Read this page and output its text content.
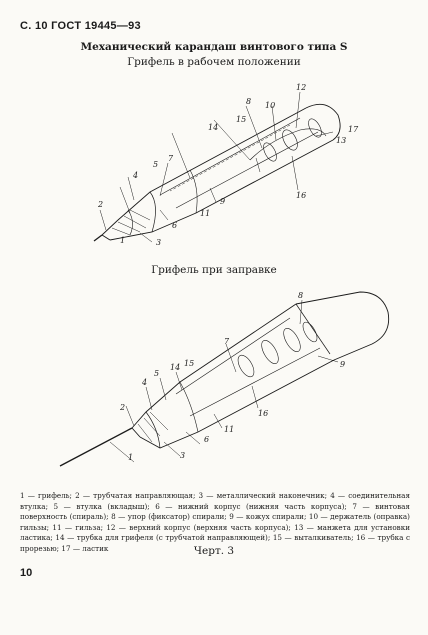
С. 10 ГОСТ 19445—93
Механический карандаш винтового типа S
Грифель в рабочем положении
2
1	3
4
5
6
7
8
9
10
11
12
13
14
15
16
17
Грифель при заправке
2
1	3
4
5
6
7
8
9
11
14 15
16
1 — грифель; 2 — трубчатая направляющая; 3 — металлический наконечник; 4 — соединительная втулка; 5 — втулка (вкладыш); 6 — нижний корпус (нижняя часть корпуса); 7 — винтовая поверхность (спираль); 8 — упор (фиксатор) спирали; 9 — кожух спирали; 10 — держатель (оправка) гильзы; 11 — гильза; 12 — верхний корпус (верхняя часть корпуса); 13 — манжета для установки ластика; 14 — трубка для грифеля (с трубчатой направляющей); 15 — выталкиватель; 16 — трубка с прорезью; 17 — ластик	Черт. 3
10
